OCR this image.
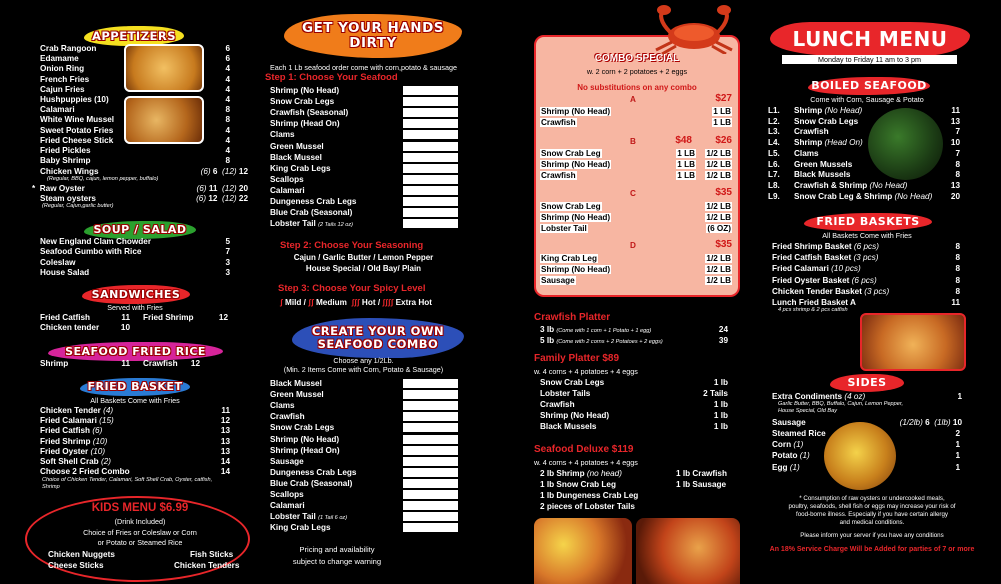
APPETIZERS
Crab Rangoon	6
Edamame	6
Onion Ring	4
French Fries	4
Cajun Fries	4
Hushpuppies (10)	4
Calamari	8
White Wine Mussel	8
Sweet Potato Fries	4
Fried Cheese Stick	4
Fried Pickles	4
Baby Shrimp	8
Chicken Wings	(6) 6 (12) 12
(Regular, BBQ, cajun, lemon pepper, buffalo)
* Raw Oyster	(6) 11 (12) 20
Steam oysters	(6) 12 (12) 22
(Regular, Cajun,garlic butter)
SOUP / SALAD
New England Clam Chowder	5
Seafood Gumbo with Rice	7
Coleslaw	3
House Salad	3
SANDWICHES
Served with Fries
Fried Catfish	11 Fried Shrimp	12
Chicken tender	10
SEAFOOD FRIED RICE
Shrimp	11 Crawfish	12
FRIED BASKET
All Baskets Come with Fries
Chicken Tender (4)	11
Fried Calamari (15)	12
Fried Catfish (6)	13
Fried Shrimp (10)	13
Fried Oyster (10)	13
Soft Shell Crab (2)	14
Choose 2 Fried Combo	14
Choice of Chicken Tender, Calamari, Soft Shell Crab, Oyster, catfish, Shrimp
KIDS MENU $6.99
(Drink Included)
Choice of Fries or Coleslaw or Corn
or Potato or Steamed Rice
Chicken Nuggets	Fish Sticks
Cheese Sticks	Chicken Tenders
GET YOUR HANDS
DIRTY
Each 1 Lb seafood order come with corn,potato & sausage
Step 1: Choose Your Seafood
Shrimp (No Head)
Snow Crab Legs
Crawfish (Seasonal)
Shrimp (Head On)
Clams
Green Mussel
Black Mussel
King Crab Legs
Scallops
Calamari
Dungeness Crab Legs
Blue Crab (Seasonal)
Lobster Tail (2 Tails 12 oz)
Step 2: Choose Your Seasoning
Cajun / Garlic Butter / Lemon Pepper
House Special / Old Bay/ Plain
Step 3: Choose Your Spicy Level
ʃ Mild / ʃʃ Medium ʃʃʃ Hot / ʃʃʃʃ Extra Hot
CREATE YOUR OWN
SEAFOOD COMBO
Choose any 1/2Lb.
(Min. 2 Items Come with Corn, Potato & Sausage)
Black Mussel
Green Mussel
Clams
Crawfish
Snow Crab Legs
Shrimp (No Head)
Shrimp (Head On)
Sausage
Dungeness Crab Legs
Blue Crab (Seasonal)
Scallops
Calamari
Lobster Tail (1 Tail 6 oz)
King Crab Legs
Pricing and availability
subject to change warning
COMBO SPECIAL
w. 2 corn + 2 potatoes + 2 eggs
No substitutions on any combo
A	$27
Shrimp (No Head)	1 LB
Crawfish	1 LB
B	$48	$26
Snow Crab Leg	1 LB	1/2 LB
Shrimp (No Head)	1 LB	1/2 LB
Crawfish	1 LB	1/2 LB
C	$35
Snow Crab Leg	1/2 LB
Shrimp (No Head)	1/2 LB
Lobster Tail	(6 OZ)
D	$35
King Crab Leg	1/2 LB
Shrimp (No Head)	1/2 LB
Sausage	1/2 LB
Crawfish Platter
3 lb (Come with 1 corn + 1 Potato + 1 egg)	24
5 lb (Come with 2 corns + 2 Potatoes + 2 eggs)	39
Family Platter $89
w. 4 corns + 4 potatoes + 4 eggs
Snow Crab Legs	1 lb
Lobster Tails	2 Tails
Crawfish	1 lb
Shrimp (No Head)	1 lb
Black Mussels	1 lb
Seafood Deluxe $119
w. 4 corns + 4 potatoes + 4 eggs
2 lb Shrimp (no head)	1 lb Crawfish
1 lb Snow Crab Leg	1 lb Sausage
1 lb Dungeness Crab Leg
2 pieces of Lobster Tails
LUNCH MENU
Monday to Friday 11 am to 3 pm
BOILED SEAFOOD
Come with Corn, Sausage & Potato
L1. Shrimp (No Head)	11
L2. Snow Crab Legs	13
L3. Crawfish	7
L4. Shrimp (Head On)	10
L5. Clams	7
L6. Green Mussels	8
L7. Black Mussels	8
L8. Crawfish & Shrimp (No Head)	13
L9. Snow Crab Leg & Shrimp (No Head)	20
FRIED BASKETS
All Baskets Come with Fries
Fried Shrimp Basket (6 pcs)	8
Fried Catfish Basket (3 pcs)	8
Fried Calamari (10 pcs)	8
Fried Oyster Basket (6 pcs)	8
Chicken Tender Basket (3 pcs)	8
Lunch Fried Basket A	11
4 pcs shrimp & 2 pcs catfish
SIDES
Extra Condiments (4 oz)	1
Garlic Butter, BBQ, Buffalo, Cajun, Lemon Pepper,
House Special, Old Bay
Sausage	(1/2lb) 6 (1lb) 10
Steamed Rice	2
Corn (1)	1
Potato (1)	1
Egg (1)	1
* Consumption of raw oysters or undercooked meals,
poultry, seafoods, shell fish or eggs may increase your risk of
food-borne illness. Especially if you have certain allergy
and medical conditions.
Please inform your server if you have any conditions
An 18% Service Charge Will be Added for parties of 7 or more
